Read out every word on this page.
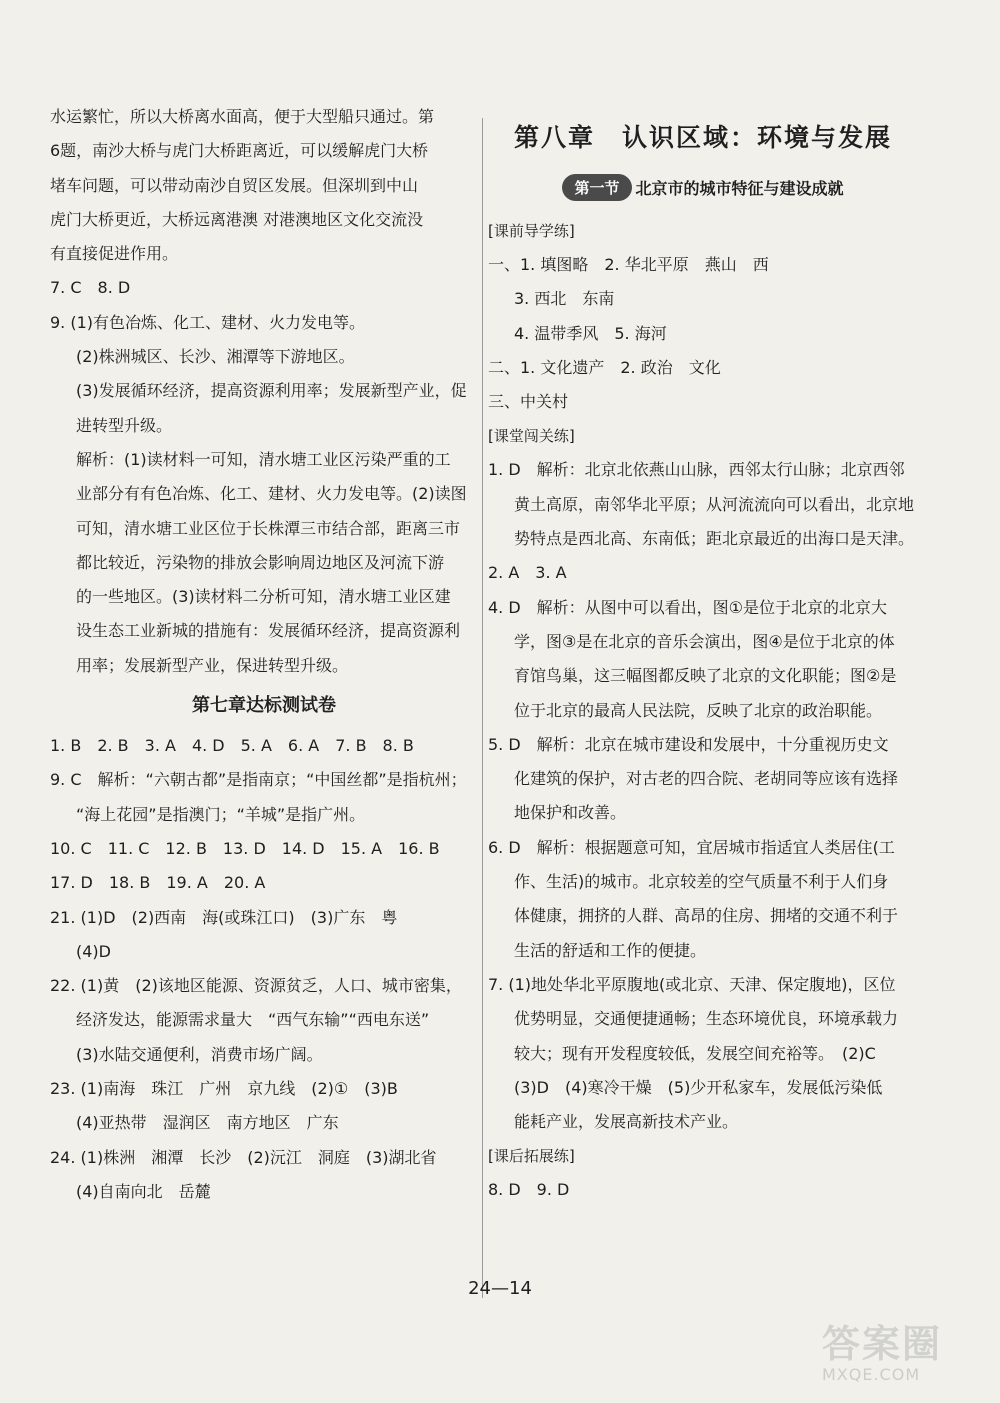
水运繁忙，所以大桥离水面高，便于大型船只通过。第

6题，南沙大桥与虎门大桥距离近，可以缓解虎门大桥

堵车问题，可以带动南沙自贸区发展。但深圳到中山

虎门大桥更近，大桥远离港澳 对港澳地区文化交流没

有直接促进作用。

7. C　8. D

9. (1)有色冶炼、化工、建材、火力发电等。

(2)株洲城区、长沙、湘潭等下游地区。

(3)发展循环经济，提高资源利用率；发展新型产业，促

进转型升级。

解析：(1)读材料一可知，清水塘工业区污染严重的工

业部分有有色冶炼、化工、建材、火力发电等。(2)读图

可知，清水塘工业区位于长株潭三市结合部，距离三市

都比较近，污染物的排放会影响周边地区及河流下游

的一些地区。(3)读材料二分析可知，清水塘工业区建

设生态工业新城的措施有：发展循环经济，提高资源利

用率；发展新型产业，保进转型升级。

第七章达标测试卷

1. B　2. B　3. A　4. D　5. A　6. A　7. B　8. B

9. C　解析：“六朝古都”是指南京；“中国丝都”是指杭州；

“海上花园”是指澳门；“羊城”是指广州。

10. C　11. C　12. B　13. D　14. D　15. A　16. B

17. D　18. B　19. A　20. A

21. (1)D　(2)西南　海(或珠江口)　(3)广东　粤

(4)D

22. (1)黄　(2)该地区能源、资源贫乏，人口、城市密集，

经济发达，能源需求量大　“西气东输”“西电东送”

(3)水陆交通便利，消费市场广阔。

23. (1)南海　珠江　广州　京九线　(2)①　(3)B

(4)亚热带　湿润区　南方地区　广东

24. (1)株洲　湘潭　长沙　(2)沅江　洞庭　(3)湖北省

(4)自南向北　岳麓

第八章　认识区域：环境与发展

第一节	北京市的城市特征与建设成就
[课前导学练]

一、1. 填图略　2. 华北平原　燕山　西

3. 西北　东南

4. 温带季风　5. 海河

二、1. 文化遗产　2. 政治　文化

三、中关村

[课堂闯关练]

1. D　解析：北京北依燕山山脉，西邻太行山脉；北京西邻

黄土高原，南邻华北平原；从河流流向可以看出，北京地

势特点是西北高、东南低；距北京最近的出海口是天津。

2. A　3. A

4. D　解析：从图中可以看出，图①是位于北京的北京大

学，图③是在北京的音乐会演出，图④是位于北京的体

育馆鸟巢，这三幅图都反映了北京的文化职能；图②是

位于北京的最高人民法院，反映了北京的政治职能。

5. D　解析：北京在城市建设和发展中，十分重视历史文

化建筑的保护，对古老的四合院、老胡同等应该有选择

地保护和改善。

6. D　解析：根据题意可知，宜居城市指适宜人类居住(工

作、生活)的城市。北京较差的空气质量不利于人们身

体健康，拥挤的人群、高昂的住房、拥堵的交通不利于

生活的舒适和工作的便捷。

7. (1)地处华北平原腹地(或北京、天津、保定腹地)，区位

优势明显，交通便捷通畅；生态环境优良，环境承载力

较大；现有开发程度较低，发展空间充裕等。　(2)C

(3)D　(4)寒冷干燥　(5)少开私家车，发展低污染低

能耗产业，发展高新技术产业。

[课后拓展练]

8. D　9. D

24—14
答案圈
MXQE.COM
